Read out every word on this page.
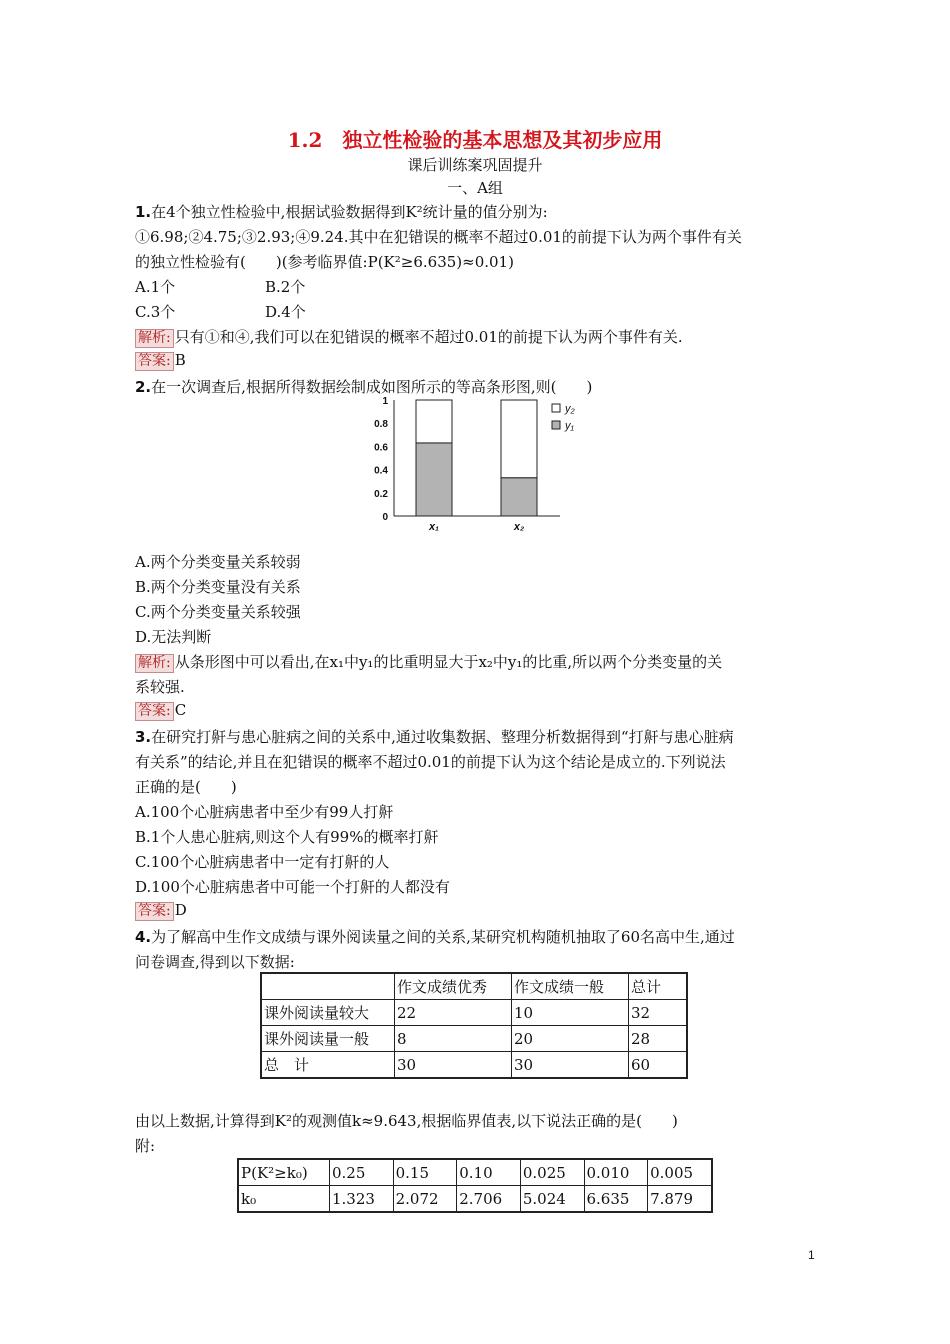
1.2　独立性检验的基本思想及其初步应用
课后训练案巩固提升
一、A组
1.在4个独立性检验中,根据试验数据得到K²统计量的值分别为:
①6.98;②4.75;③2.93;④9.24.其中在犯错误的概率不超过0.01的前提下认为两个事件有关
的独立性检验有(　　)(参考临界值:P(K²≥6.635)≈0.01)
A.1个	B.2个
C.3个	D.4个
解析: 只有①和④,我们可以在犯错误的概率不超过0.01的前提下认为两个事件有关.
答案: B
2.在一次调查后,根据所得数据绘制成如图所示的等高条形图,则(　　)
0
0.2
0.4
0.6
0.8
1
x₁	x₂
y₂
y₁
A.两个分类变量关系较弱
B.两个分类变量没有关系
C.两个分类变量关系较强
D.无法判断
解析: 从条形图中可以看出,在x₁中y₁的比重明显大于x₂中y₁的比重,所以两个分类变量的关
系较强.
答案: C
3.在研究打鼾与患心脏病之间的关系中,通过收集数据、整理分析数据得到“打鼾与患心脏病
有关系”的结论,并且在犯错误的概率不超过0.01的前提下认为这个结论是成立的.下列说法
正确的是(　　)
A.100个心脏病患者中至少有99人打鼾
B.1个人患心脏病,则这个人有99%的概率打鼾
C.100个心脏病患者中一定有打鼾的人
D.100个心脏病患者中可能一个打鼾的人都没有
答案: D
4.为了解高中生作文成绩与课外阅读量之间的关系,某研究机构随机抽取了60名高中生,通过
问卷调查,得到以下数据:
	作文成绩优秀	作文成绩一般	总计
课外阅读量较大	22	10	32
课外阅读量一般	8	20	28
总　计	30	30	60
由以上数据,计算得到K²的观测值k≈9.643,根据临界值表,以下说法正确的是(　　)
附:
P(K²≥k₀)	0.25	0.15	0.10	0.025	0.010	0.005
k₀	1.323	2.072	2.706	5.024	6.635	7.879
1
